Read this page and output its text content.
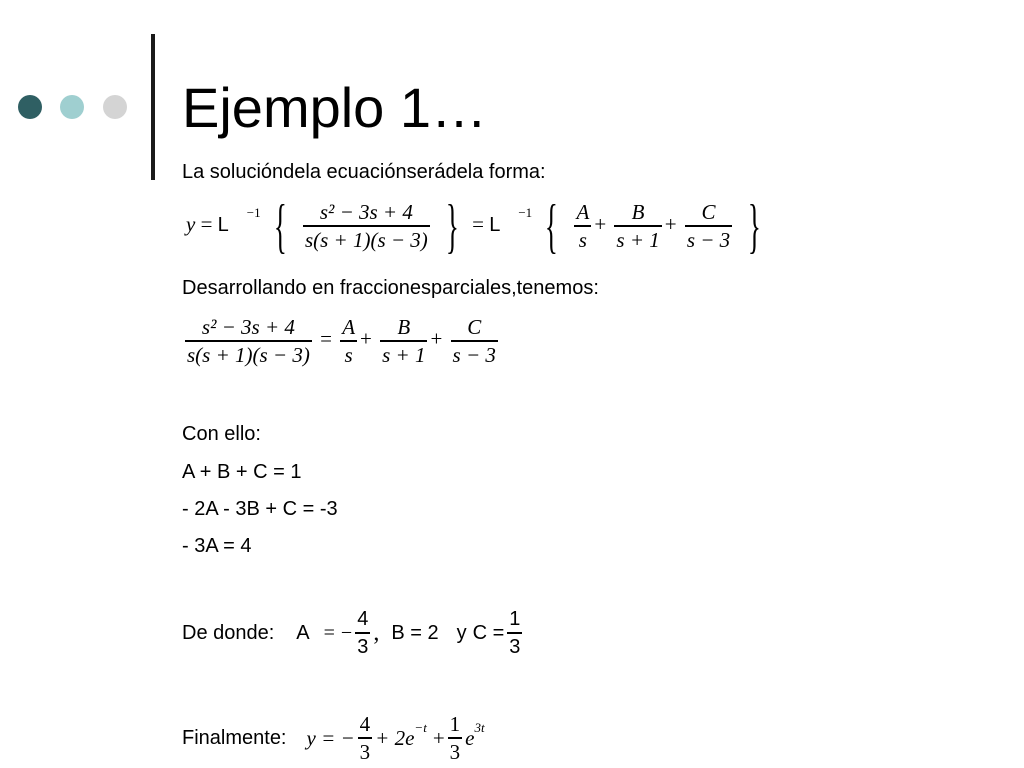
Ejemplo 1…
La solucióndela ecuaciónserádela forma:
$y = L^{-1}$ { $\frac{\text{s² − 3s + 4}}{s(s + 1)(s - 3)}$ } = $L^{-1}$ { $\frac{A}{s} + \frac{B}{s + 1} + \frac{C}{s - 3}$ }
Desarrollando en fraccionesparciales,tenemos:
$\frac{\text{s² − 3s + 4}}{s(s + 1)(s - 3)} = \frac{A}{s} + \frac{B}{s + 1} + \frac{C}{s - 3}$
Con ello:
A + B + C = 1
- 2A - 3B + C = -3
- 3A = 4
De donde: A = − $\frac{4}{3}$ , B = 2 y $C = \frac{1}{3}$
Finalmente: y = − $\frac{4}{3} + 2e^{-t} + \frac{1}{3} e^{3t}$
